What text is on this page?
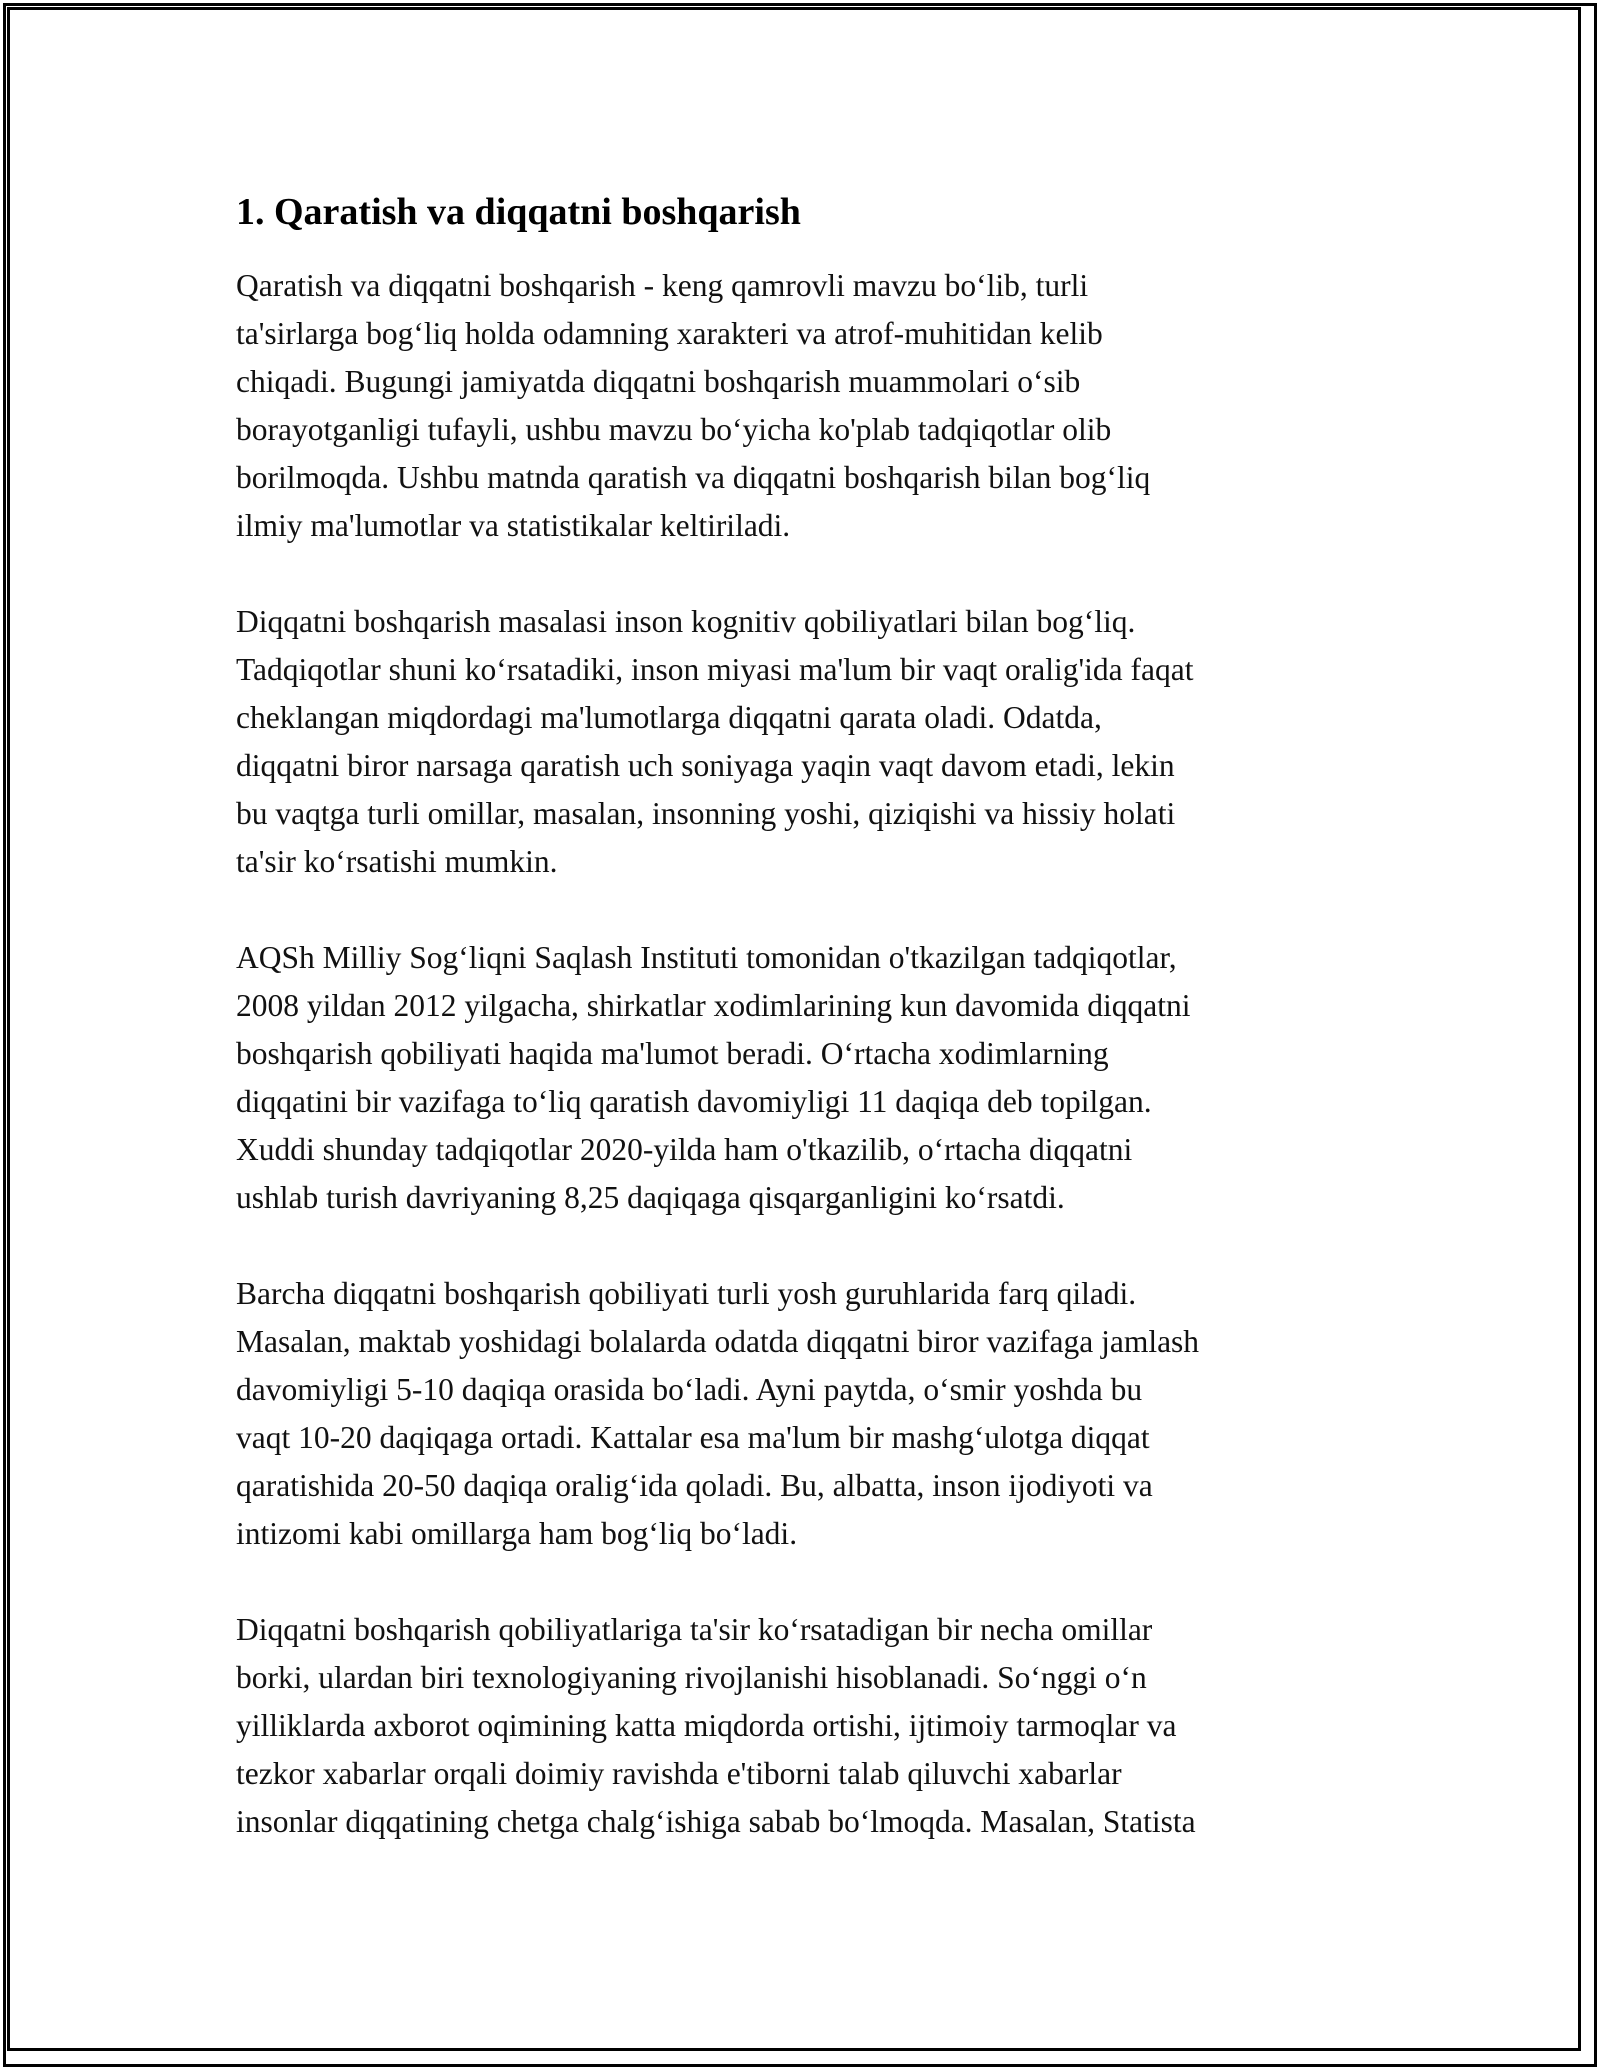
1. Qaratish va diqqatni boshqarish

Qaratish va diqqatni boshqarish - keng qamrovli mavzu bo‘lib, turli
ta'sirlarga bog‘liq holda odamning xarakteri va atrof-muhitidan kelib
chiqadi. Bugungi jamiyatda diqqatni boshqarish muammolari o‘sib
borayotganligi tufayli, ushbu mavzu bo‘yicha ko'plab tadqiqotlar olib
borilmoqda. Ushbu matnda qaratish va diqqatni boshqarish bilan bog‘liq
ilmiy ma'lumotlar va statistikalar keltiriladi.

Diqqatni boshqarish masalasi inson kognitiv qobiliyatlari bilan bog‘liq.
Tadqiqotlar shuni ko‘rsatadiki, inson miyasi ma'lum bir vaqt oralig'ida faqat
cheklangan miqdordagi ma'lumotlarga diqqatni qarata oladi. Odatda,
diqqatni biror narsaga qaratish uch soniyaga yaqin vaqt davom etadi, lekin
bu vaqtga turli omillar, masalan, insonning yoshi, qiziqishi va hissiy holati
ta'sir ko‘rsatishi mumkin.

AQSh Milliy Sog‘liqni Saqlash Instituti tomonidan o'tkazilgan tadqiqotlar,
2008 yildan 2012 yilgacha, shirkatlar xodimlarining kun davomida diqqatni
boshqarish qobiliyati haqida ma'lumot beradi. O‘rtacha xodimlarning
diqqatini bir vazifaga to‘liq qaratish davomiyligi 11 daqiqa deb topilgan.
Xuddi shunday tadqiqotlar 2020-yilda ham o'tkazilib, o‘rtacha diqqatni
ushlab turish davriyaning 8,25 daqiqaga qisqarganligini ko‘rsatdi.

Barcha diqqatni boshqarish qobiliyati turli yosh guruhlarida farq qiladi.
Masalan, maktab yoshidagi bolalarda odatda diqqatni biror vazifaga jamlash
davomiyligi 5-10 daqiqa orasida bo‘ladi. Ayni paytda, o‘smir yoshda bu
vaqt 10-20 daqiqaga ortadi. Kattalar esa ma'lum bir mashg‘ulotga diqqat
qaratishida 20-50 daqiqa oralig‘ida qoladi. Bu, albatta, inson ijodiyoti va
intizomi kabi omillarga ham bog‘liq bo‘ladi.

Diqqatni boshqarish qobiliyatlariga ta'sir ko‘rsatadigan bir necha omillar
borki, ulardan biri texnologiyaning rivojlanishi hisoblanadi. So‘nggi o‘n
yilliklarda axborot oqimining katta miqdorda ortishi, ijtimoiy tarmoqlar va
tezkor xabarlar orqali doimiy ravishda e'tiborni talab qiluvchi xabarlar
insonlar diqqatining chetga chalg‘ishiga sabab bo‘lmoqda. Masalan, Statista
